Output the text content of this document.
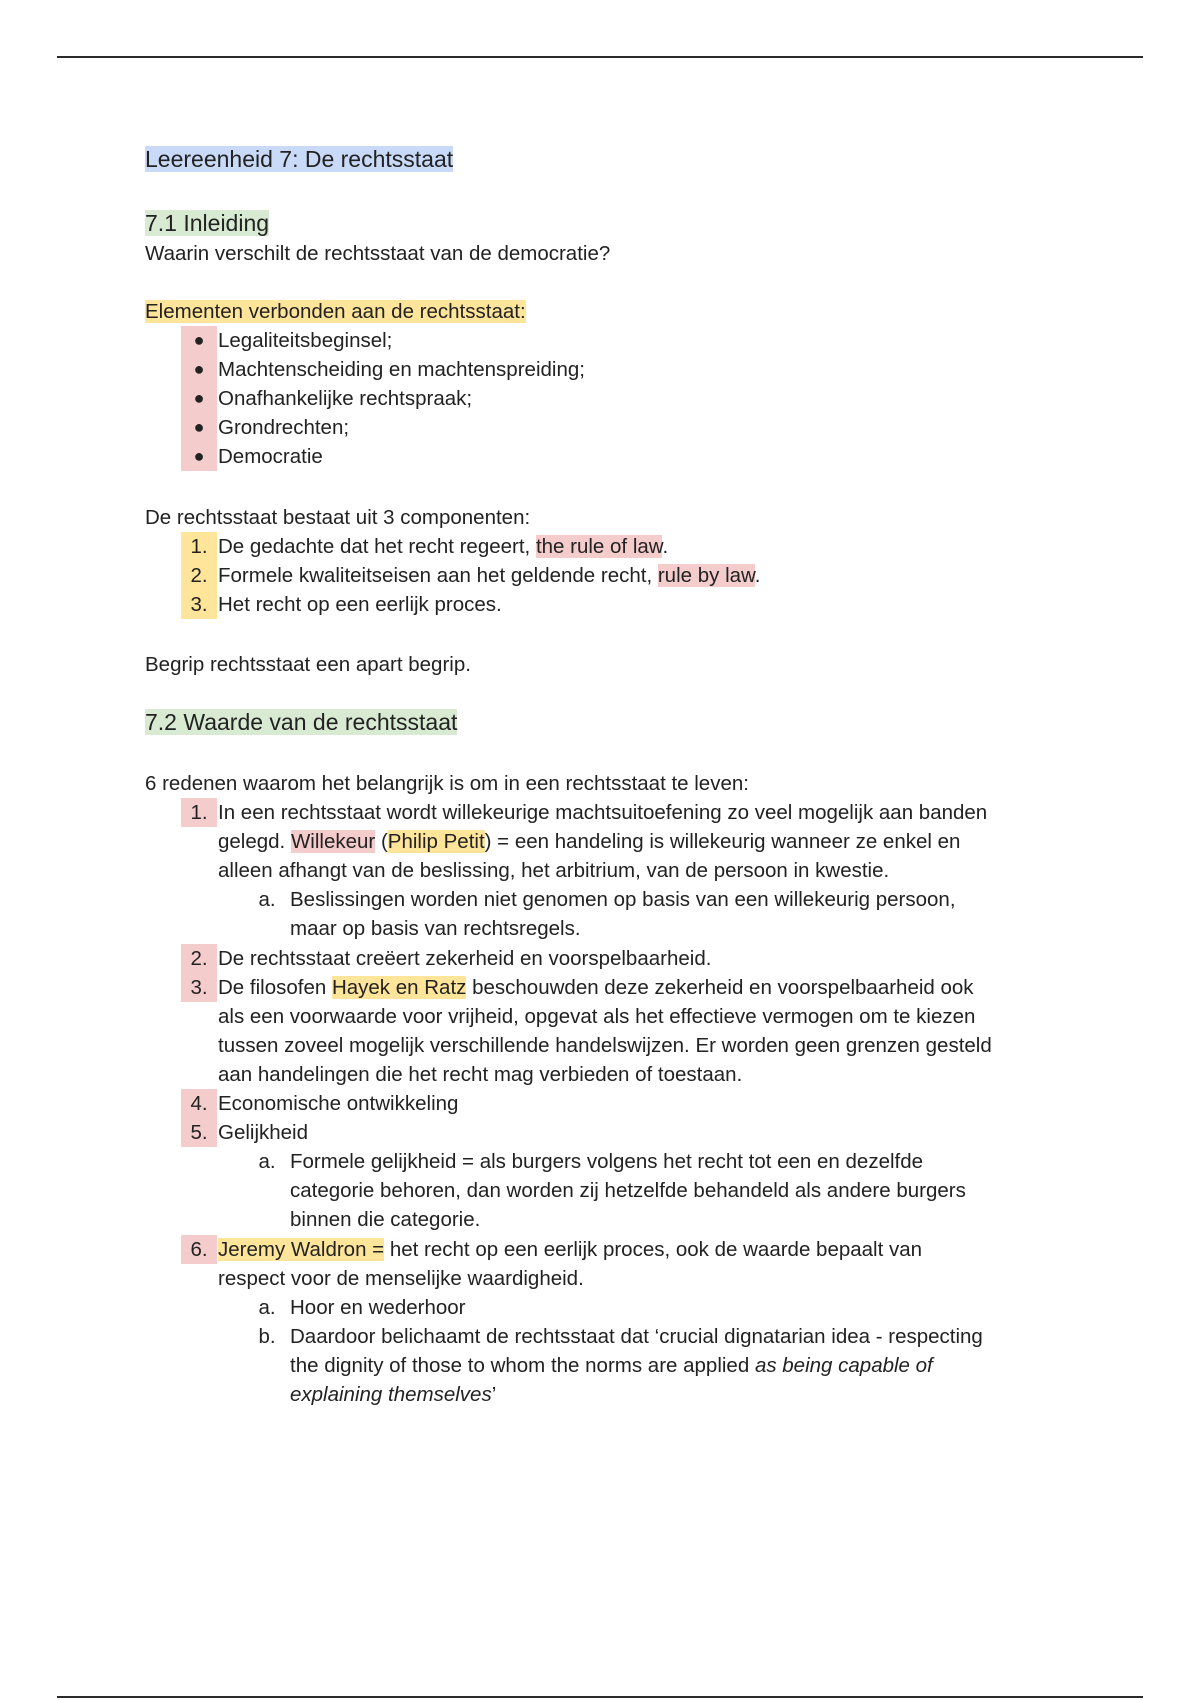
Leereenheid 7: De rechtsstaat
7.1 Inleiding
Waarin verschilt de rechtsstaat van de democratie?
Elementen verbonden aan de rechtsstaat:
● Legaliteitsbeginsel;
● Machtenscheiding en machtenspreiding;
● Onafhankelijke rechtspraak;
● Grondrechten;
● Democratie
De rechtsstaat bestaat uit 3 componenten:
1. De gedachte dat het recht regeert, the rule of law.
2. Formele kwaliteitseisen aan het geldende recht, rule by law.
3. Het recht op een eerlijk proces.
Begrip rechtsstaat een apart begrip.
7.2 Waarde van de rechtsstaat
6 redenen waarom het belangrijk is om in een rechtsstaat te leven:
1. In een rechtsstaat wordt willekeurige machtsuitoefening zo veel mogelijk aan banden
gelegd. Willekeur (Philip Petit) = een handeling is willekeurig wanneer ze enkel en
alleen afhangt van de beslissing, het arbitrium, van de persoon in kwestie.
a. Beslissingen worden niet genomen op basis van een willekeurig persoon,
maar op basis van rechtsregels.
2. De rechtsstaat creëert zekerheid en voorspelbaarheid.
3. De filosofen Hayek en Ratz beschouwden deze zekerheid en voorspelbaarheid ook
als een voorwaarde voor vrijheid, opgevat als het effectieve vermogen om te kiezen
tussen zoveel mogelijk verschillende handelswijzen. Er worden geen grenzen gesteld
aan handelingen die het recht mag verbieden of toestaan.
4. Economische ontwikkeling
5. Gelijkheid
a. Formele gelijkheid = als burgers volgens het recht tot een en dezelfde
categorie behoren, dan worden zij hetzelfde behandeld als andere burgers
binnen die categorie.
6. Jeremy Waldron = het recht op een eerlijk proces, ook de waarde bepaalt van
respect voor de menselijke waardigheid.
a. Hoor en wederhoor
b. Daardoor belichaamt de rechtsstaat dat ‘crucial dignatarian idea - respecting
the dignity of those to whom the norms are applied as being capable of
explaining themselves’
